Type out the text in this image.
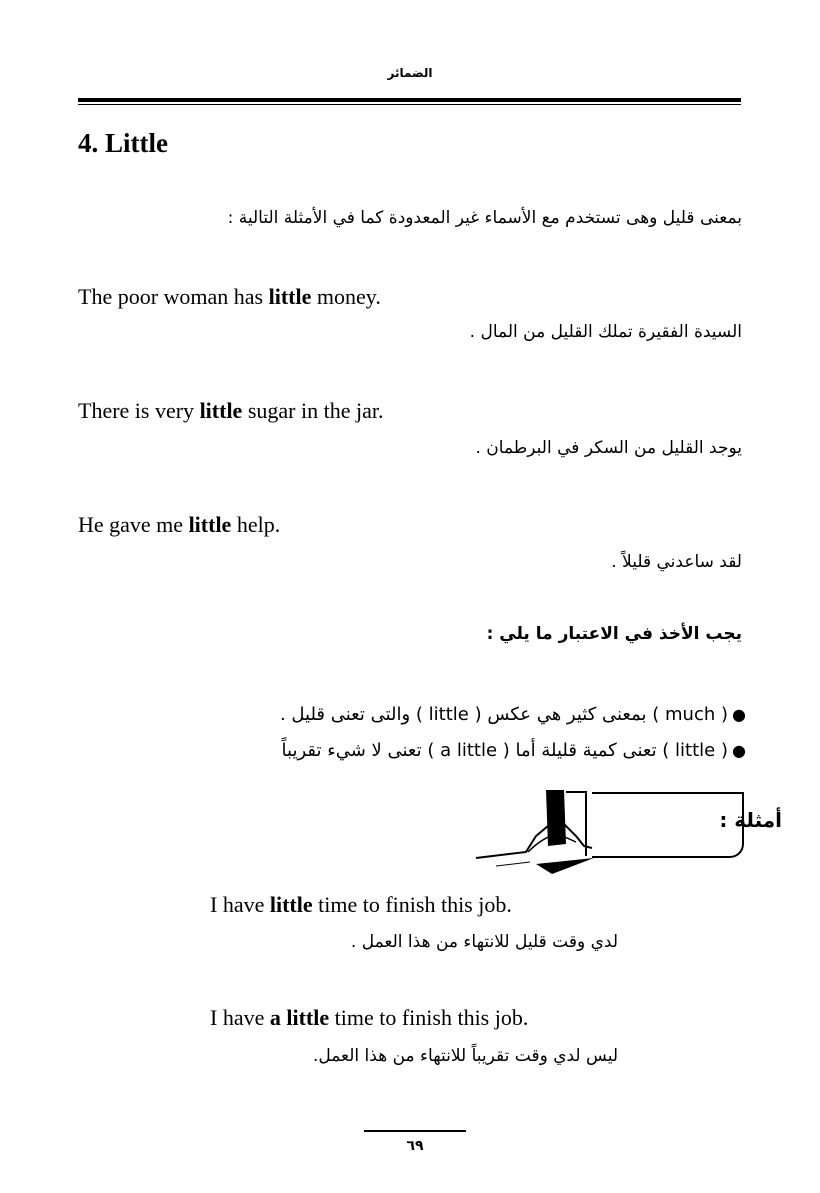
الضمائر
4. Little
بمعنى قليل وهى تستخدم مع الأسماء غير المعدودة كما في الأمثلة التالية :
The poor woman has little money.
السيدة الفقيرة تملك القليل من المال .
There is very little sugar in the jar.
يوجد القليل من السكر في البرطمان .
He gave me little help.
لقد ساعدني قليلاً .
يجب الأخذ في الاعتبار ما يلي :
●
( much ) بمعنى كثير هي عكس ( little ) والتى تعنى قليل .
●
( little ) تعنى كمية قليلة أما ( a little ) تعنى لا شيء تقريباً
أمثلة :
I have little time to finish this job.
لدي وقت قليل للانتهاء من هذا العمل .
I have a little time to finish this job.
ليس لدي وقت تقريباً للانتهاء من هذا العمل.
٦٩
